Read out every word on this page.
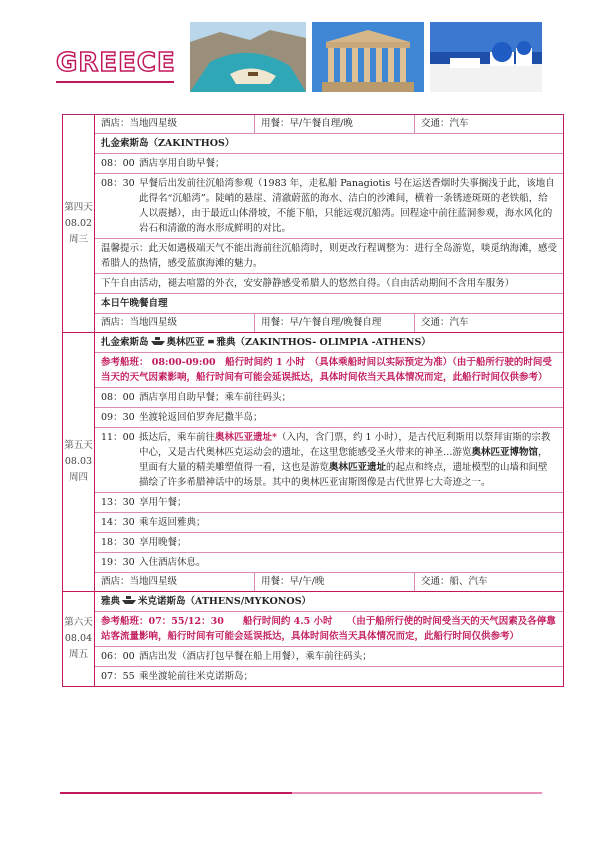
GREECE
第四天
08.02
周三
酒店：当地四星级	用餐：早/午餐自理/晚	交通：汽车
扎金索斯岛（ZAKINTHOS）
08：00 酒店享用自助早餐；
08：30 早餐后出发前往沉船湾参观（1983 年，走私船 Panagiotis 号在运送香烟时失事搁浅于此，该地自此得名“沉船湾”。陡峭的悬崖、清澈蔚蓝的海水、洁白的沙滩间，横着一条锈迹斑斑的老铁船，给人以震撼），由于最近山体滑坡，不能下船，只能远观沉船湾。回程途中前往蓝洞参观，海水风化的岩石和清澈的海水形成鲜明的对比。
温馨提示：此天如遇极端天气不能出海前往沉船湾时，则更改行程调整为：进行全岛游览，啖觅纳海滩，感受希腊人的热情，感受蓝旗海滩的魅力。
下午自由活动，褪去喧嚣的外衣，安安静静感受希腊人的悠然自得。（自由活动期间不含用车服务）
本日午晚餐自理
酒店：当地四星级	用餐：早/午餐自理/晚餐自理	交通：汽车
第五天
08.03
周四
扎金索斯岛 奥林匹亚 雅典（ZAKINTHOS- OLIMPIA -ATHENS）
参考船班： 08:00-09:00　船行时间约 1 小时　（具体乘船时间以实际预定为准）（由于船所行驶的时间受当天的天气因素影响，船行时间有可能会延误抵达，具体时间依当天具体情况而定，此船行时间仅供参考）
08：00 酒店享用自助早餐；乘车前往码头；
09：30 坐渡轮返回伯罗奔尼撒半岛；
11：00 抵达后，乘车前往奥林匹亚遗址*（入内，含门票，约 1 小时），是古代厄利斯用以祭拜宙斯的宗教中心，又是古代奥林匹克运动会的遗址，在这里您能感受圣火带来的神圣…游览奥林匹亚博物馆，里面有大量的精美雕塑值得一看，这也是游览奥林匹亚遗址的起点和终点，遗址模型的山墙和间壁描绘了许多希腊神话中的场景。其中的奥林匹亚宙斯图像是古代世界七大奇迹之一。
13：30 享用午餐；
14：30 乘车返回雅典；
18：30 享用晚餐；
19：30 入住酒店休息。
酒店：当地四星级	用餐：早/午/晚	交通：船、汽车
第六天
08.04
周五
雅典 米克诺斯岛（ATHENS/MYKONOS）
参考船班：07：55/12：30　　船行时间约 4.5 小时　　（由于船所行使的时间受当天的天气因素及各停靠站客流量影响，船行时间有可能会延误抵达，具体时间依当天具体情况而定，此船行时间仅供参考）
06：00 酒店出发（酒店打包早餐在船上用餐），乘车前往码头；
07：55 乘坐渡轮前往米克诺斯岛；
